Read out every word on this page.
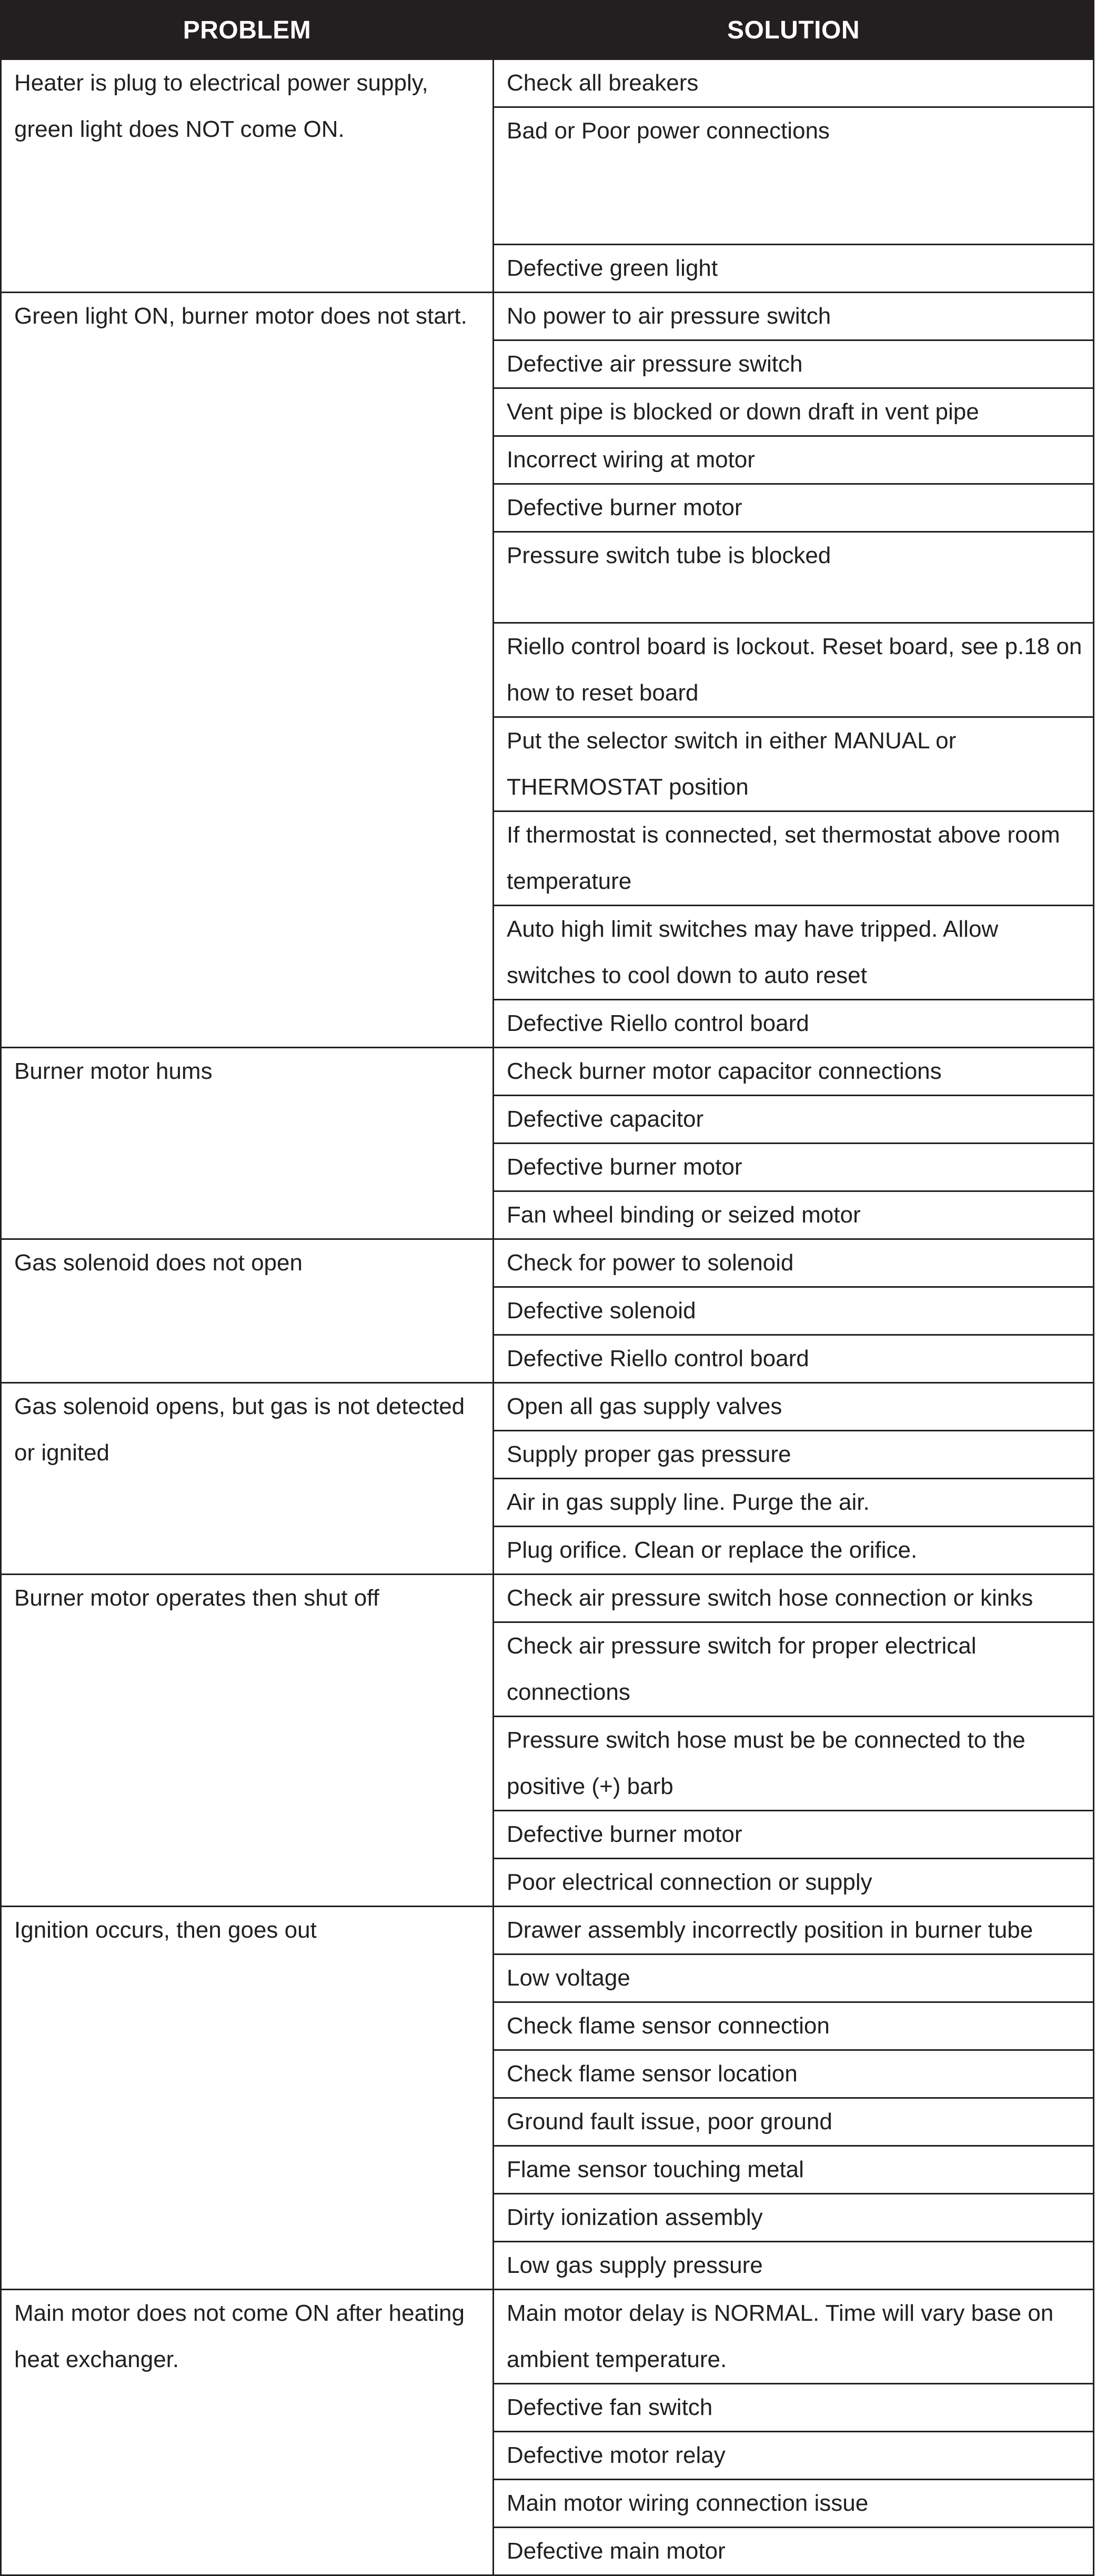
PROBLEM	SOLUTION
Heater is plug to electrical power supply, green light does NOT come ON.	Check all breakers
	Bad or Poor power connections
	Defective green light
Green light ON, burner motor does not start.	No power to air pressure switch
	Defective air pressure switch
	Vent pipe is blocked or down draft in vent pipe
	Incorrect wiring at motor
	Defective burner motor
	Pressure switch tube is blocked
	Riello control board is lockout. Reset board, see p.18 on how to reset board
	Put the selector switch in either MANUAL or THERMOSTAT position
	If thermostat is connected, set thermostat above room temperature
	Auto high limit switches may have tripped. Allow switches to cool down to auto reset
	Defective Riello control board
Burner motor hums	Check burner motor capacitor connections
	Defective capacitor
	Defective burner motor
	Fan wheel binding or seized motor
Gas solenoid does not open	Check for power to solenoid
	Defective solenoid
	Defective Riello control board
Gas solenoid opens, but gas is not detected or ignited	Open all gas supply valves
	Supply proper gas pressure
	Air in gas supply line. Purge the air.
	Plug orifice. Clean or replace the orifice.
Burner motor operates then shut off	Check air pressure switch hose connection or kinks
	Check air pressure switch for proper electrical connections
	Pressure switch hose must be be connected to the positive (+) barb
	Defective burner motor
	Poor electrical connection or supply
Ignition occurs, then goes out	Drawer assembly incorrectly position in burner tube
	Low voltage
	Check flame sensor connection
	Check flame sensor location
	Ground fault issue, poor ground
	Flame sensor touching metal
	Dirty ionization assembly
	Low gas supply pressure
Main motor does not come ON after heating heat exchanger.	Main motor delay is NORMAL. Time will vary base on ambient temperature.
	Defective fan switch
	Defective motor relay
	Main motor wiring connection issue
	Defective main motor
